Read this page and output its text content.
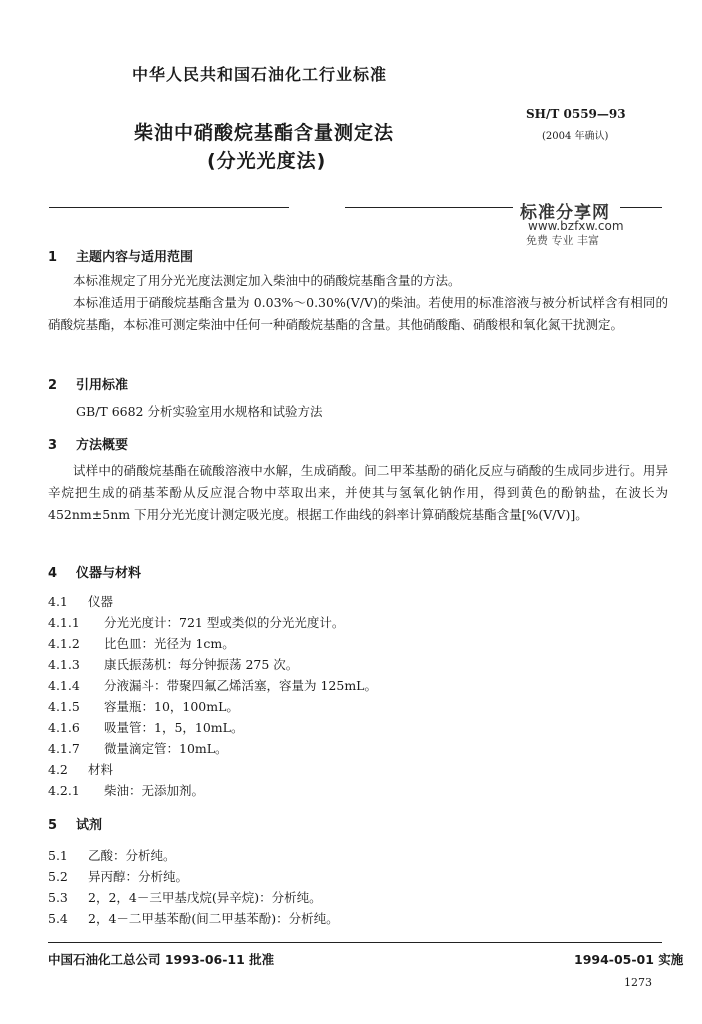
中华人民共和国石油化工行业标准
SH/T 0559—93
(2004 年确认)
柴油中硝酸烷基酯含量测定法
(分光光度法)
标准分享网
www.bzfxw.com
免费 专业 丰富
1 主题内容与适用范围

本标准规定了用分光光度法测定加入柴油中的硝酸烷基酯含量的方法。

本标准适用于硝酸烷基酯含量为 0.03%～0.30%(V/V)的柴油。若使用的标准溶液与被分析试样含有相同的硝酸烷基酯，本标准可测定柴油中任何一种硝酸烷基酯的含量。其他硝酸酯、硝酸根和氧化氮干扰测定。

2 引用标准
GB/T 6682 分析实验室用水规格和试验方法
3 方法概要

试样中的硝酸烷基酯在硫酸溶液中水解，生成硝酸。间二甲苯基酚的硝化反应与硝酸的生成同步进行。用异辛烷把生成的硝基苯酚从反应混合物中萃取出来，并使其与氢氧化钠作用，得到黄色的酚钠盐，在波长为 452nm±5nm 下用分光光度计测定吸光度。根据工作曲线的斜率计算硝酸烷基酯含量[%(V/V)]。

4 仪器与材料
4.1 仪器
4.1.1 分光光度计：721 型或类似的分光光度计。
4.1.2 比色皿：光径为 1cm。
4.1.3 康氏振荡机：每分钟振荡 275 次。
4.1.4 分液漏斗：带聚四氟乙烯活塞，容量为 125mL。
4.1.5 容量瓶：10，100mL。
4.1.6 吸量管：1，5，10mL。
4.1.7 微量滴定管：10mL。
4.2 材料
4.2.1 柴油：无添加剂。
5 试剂
5.1 乙酸：分析纯。
5.2 异丙醇：分析纯。
5.3 2，2，4－三甲基戊烷(异辛烷)：分析纯。
5.4 2，4－二甲基苯酚(间二甲基苯酚)：分析纯。
中国石油化工总公司 1993-06-11 批准	1994-05-01 实施
1273
